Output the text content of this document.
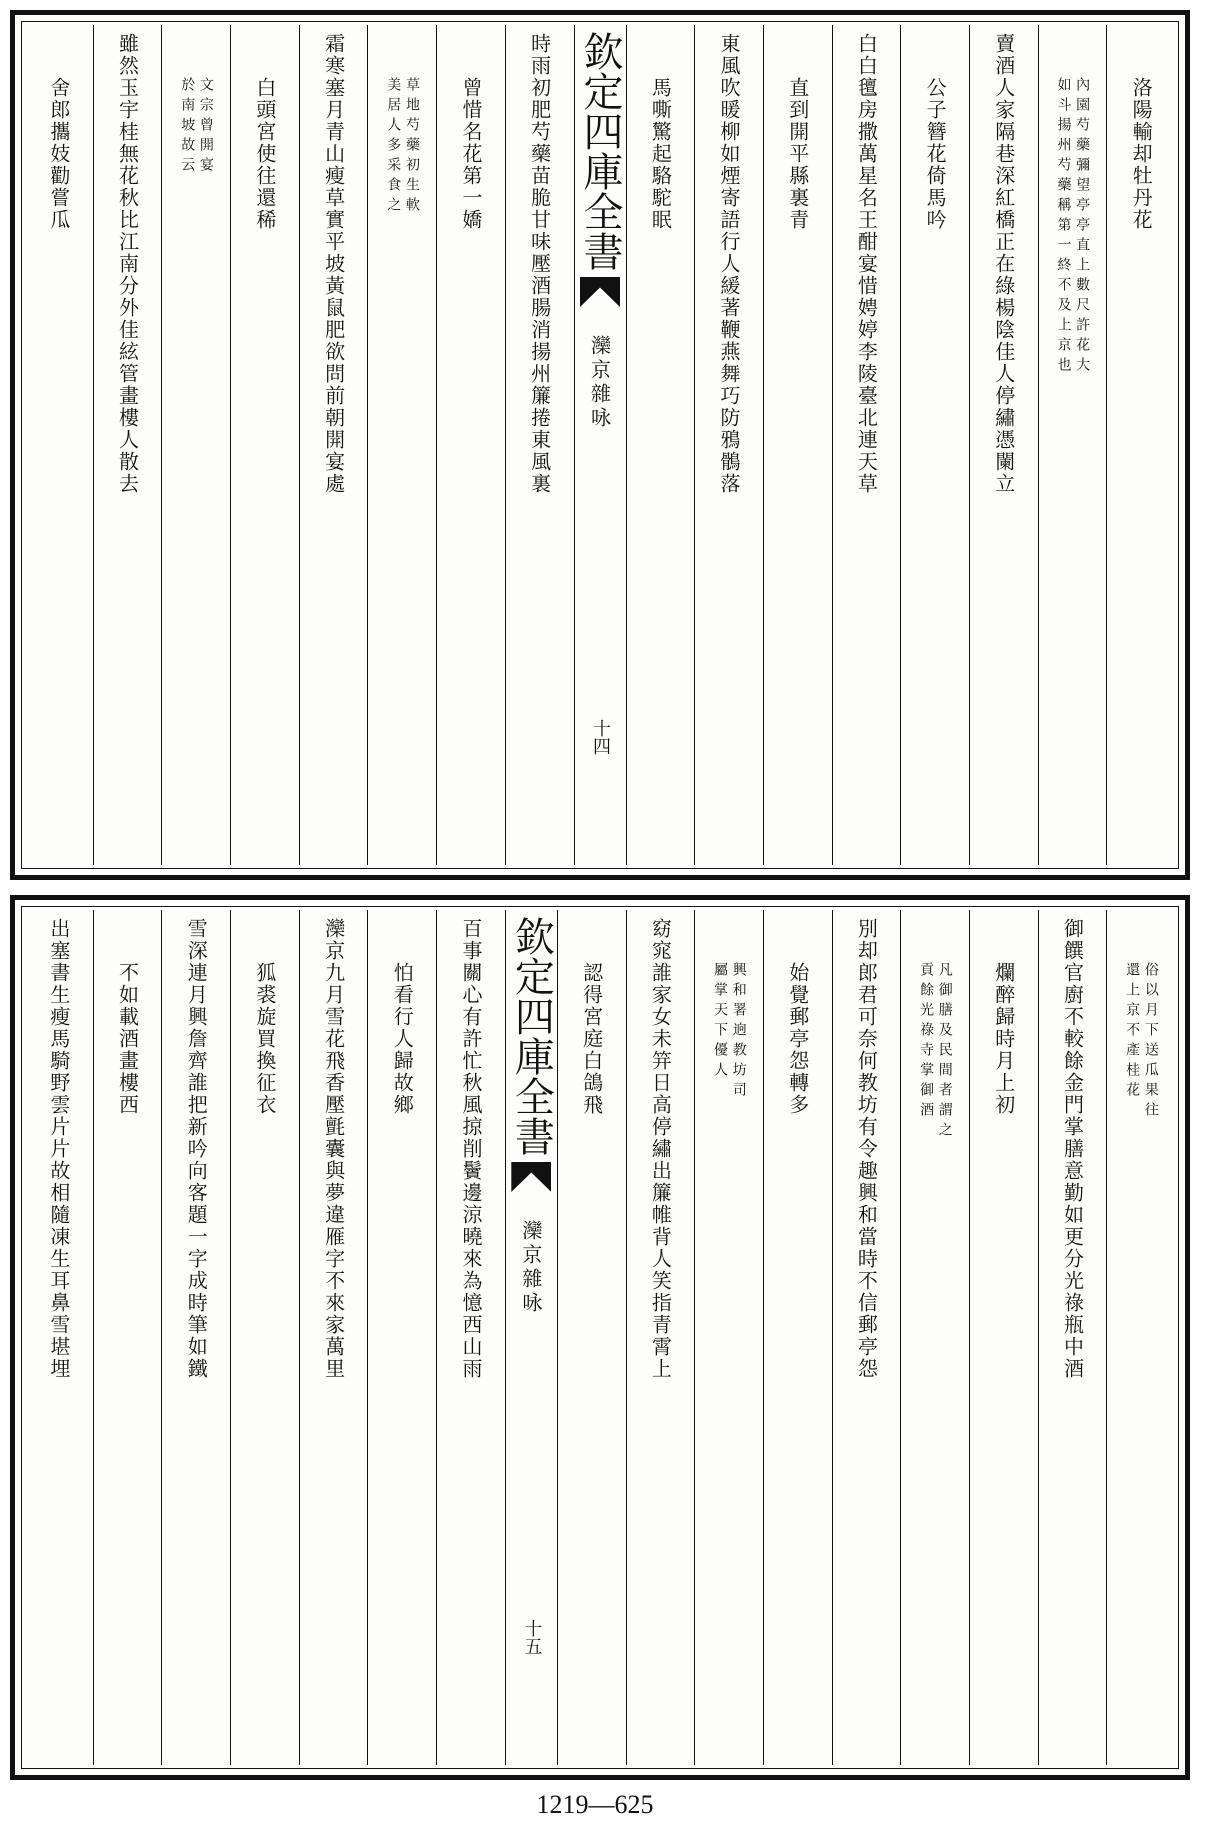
洛陽輸却牡丹花
內園芍藥彌望亭亭直上數尺許花大
如斗揚州芍藥稱第一終不及上京也
賣酒人家隔巷深紅橋正在綠楊陰佳人停繡憑闌立
公子簪花倚馬吟
白白氊房撒萬星名王酣宴惜娉婷李陵臺北連天草
直到開平縣裏青
東風吹暖柳如煙寄語行人緩著鞭燕舞巧防鴉鶻落
馬嘶驚起駱駝眠
欽定四庫全書
灤京雜咏
十四
時雨初肥芍藥苗脆甘味壓酒腸消揚州簾捲東風裏
曾惜名花第一嬌
草地芍藥初生軟
美居人多采食之
霜寒塞月青山瘦草實平坡黃鼠肥欲問前朝開宴處
白頭宮使往還稀
文宗曾開宴
於南坡故云
雖然玉宇桂無花秋比江南分外佳絃管畫樓人散去
舍郎攜妓勸嘗瓜
俗以月下送瓜果往
還上京不產桂花
御饌官廚不較餘金門掌膳意勤如更分光祿瓶中酒
爛醉歸時月上初
凡御膳及民間者謂之
貢餘光祿寺掌御酒
別却郎君可奈何教坊有令趣興和當時不信郵亭怨
始覺郵亭怨轉多
興和署逈教坊司
屬掌天下優人
窈窕誰家女未笄日高停繡出簾帷背人笑指青霄上
認得宮庭白鴿飛
欽定四庫全書
灤京雜咏
十五
百事關心有許忙秋風掠削鬢邊涼曉來為憶西山雨
怕看行人歸故鄉
灤京九月雪花飛香壓氈囊與夢違雁字不來家萬里
狐裘旋買換征衣
雪深連月興詹齊誰把新吟向客題一字成時筆如鐵
不如載酒畫樓西
出塞書生瘦馬騎野雲片片故相隨凍生耳鼻雪堪埋
1219—625
